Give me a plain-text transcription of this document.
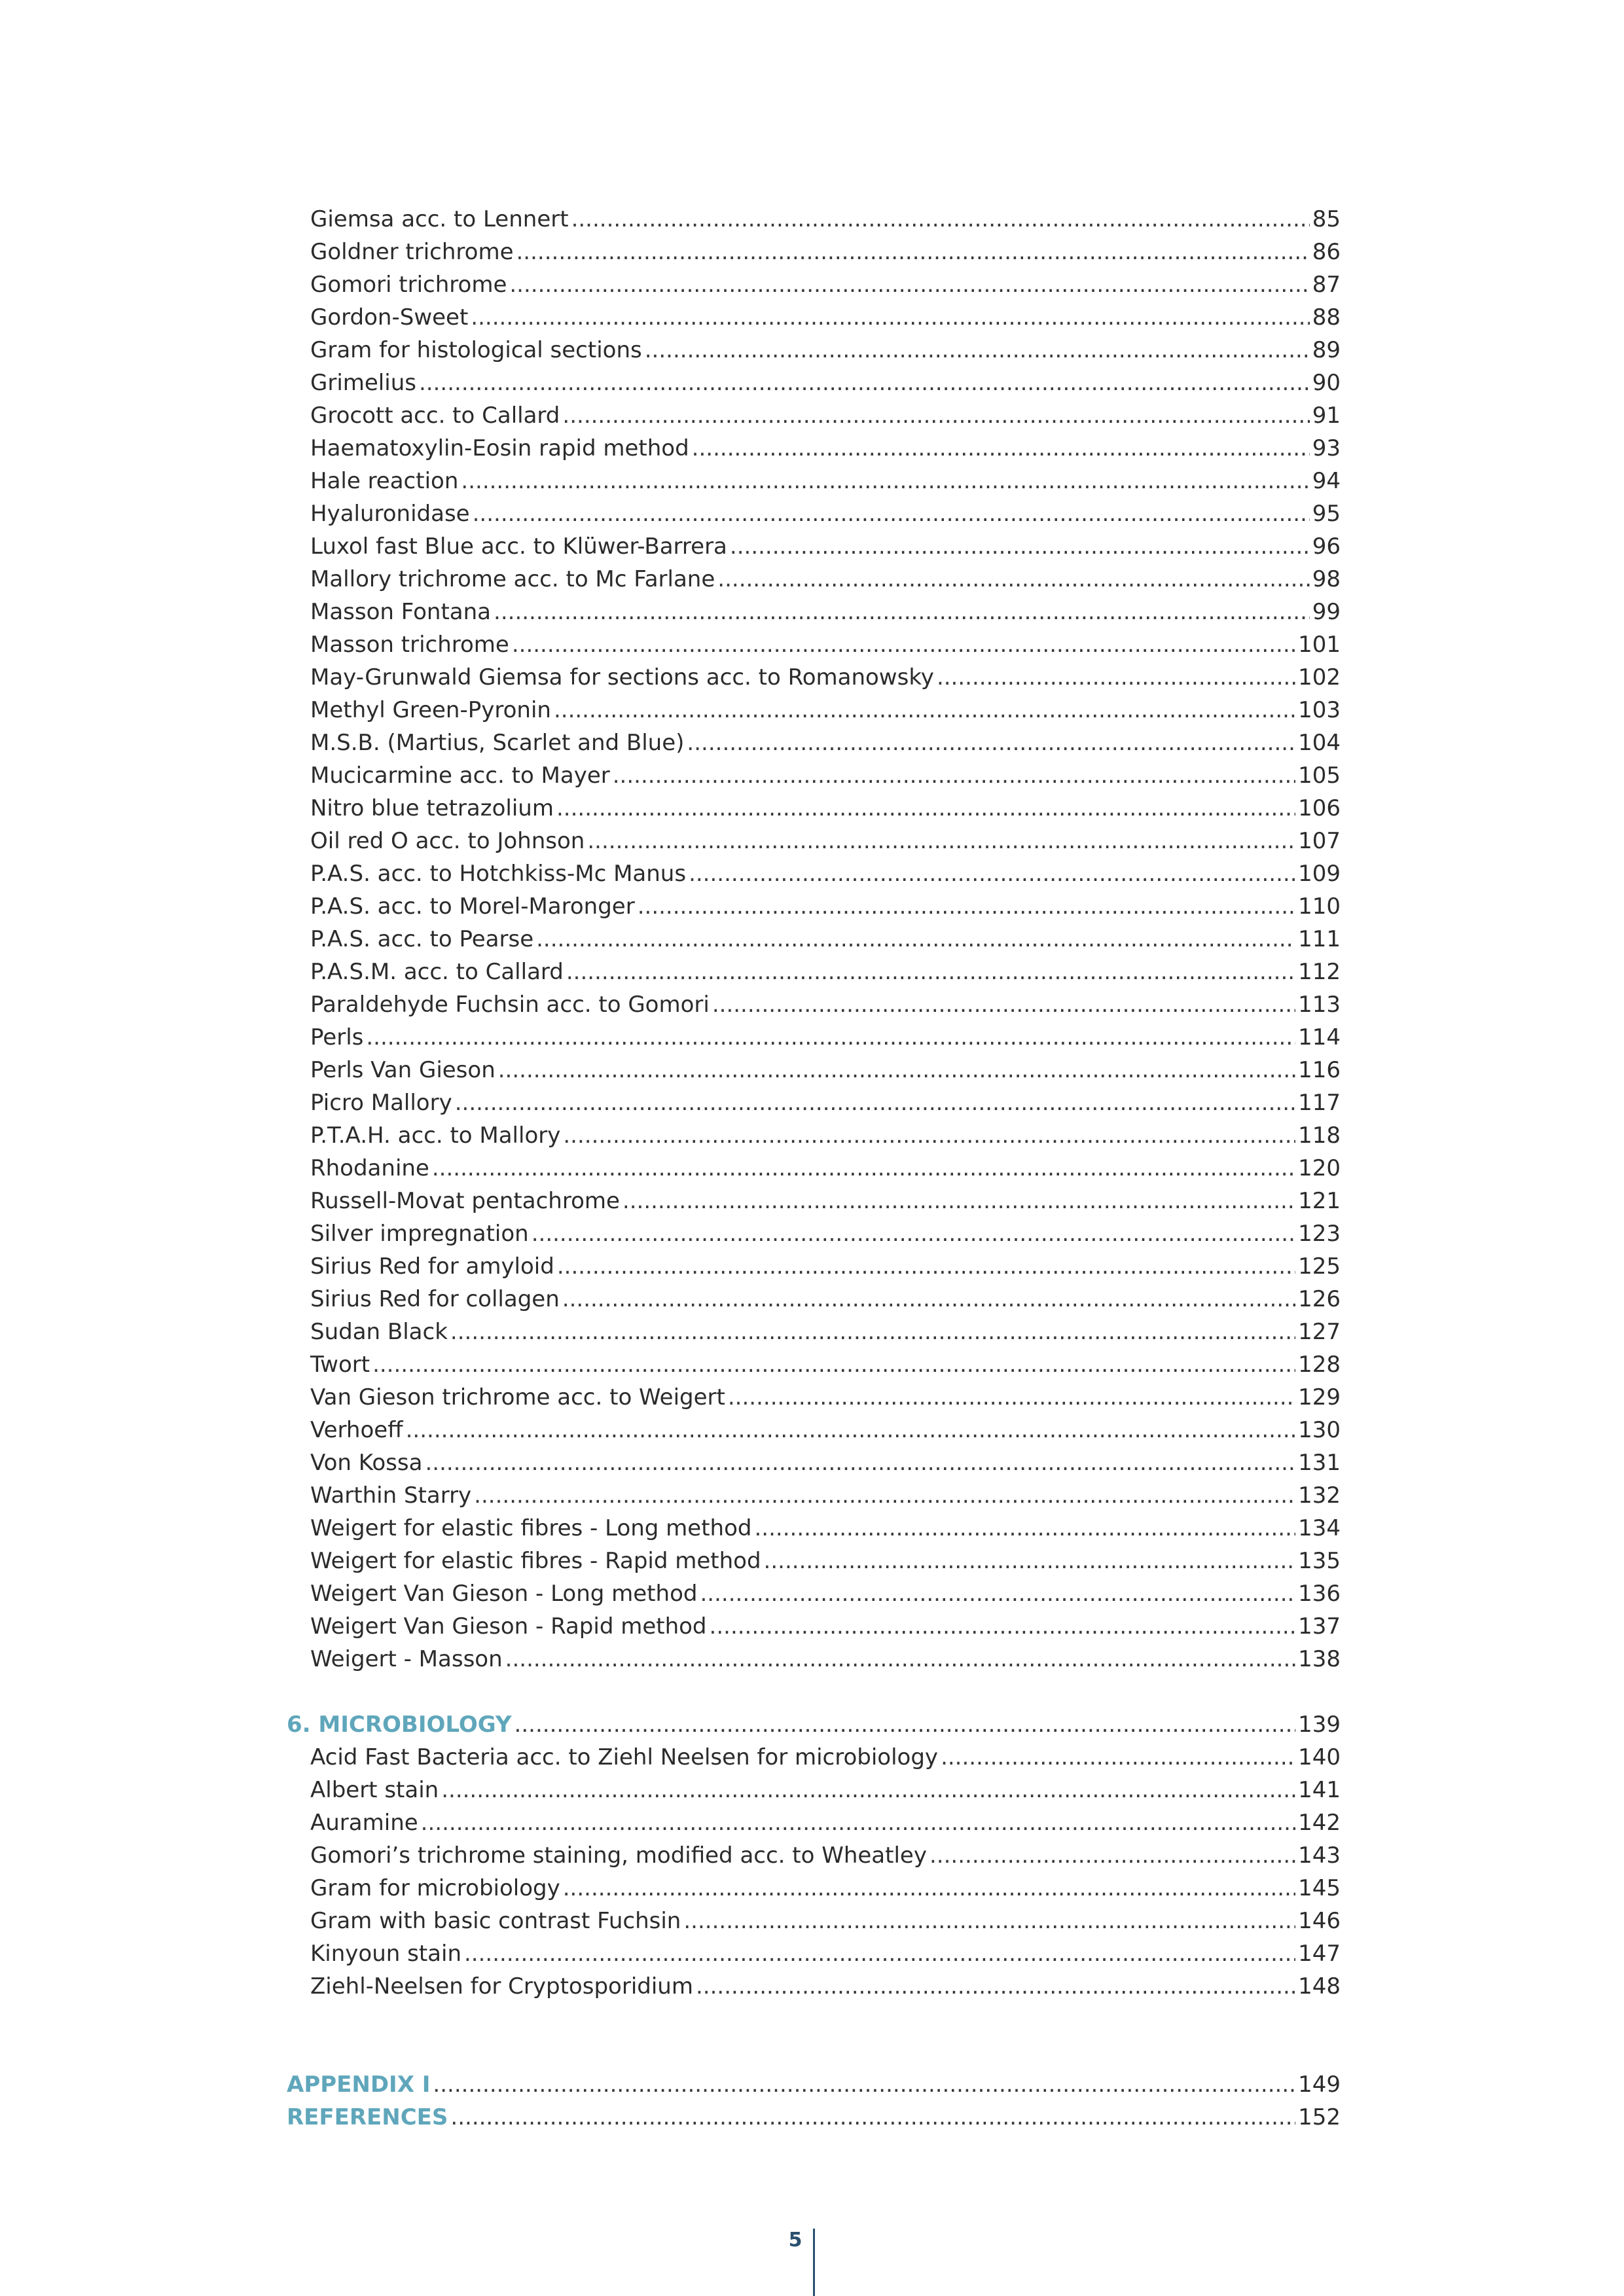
Giemsa acc. to Lennert .....	85
Goldner trichrome .....	86
Gomori trichrome .....	87
Gordon-Sweet .....	88
Gram for histological sections .....	89
Grimelius .....	90
Grocott acc. to Callard .....	91
Haematoxylin-Eosin rapid method .....	93
Hale reaction .....	94
Hyaluronidase .....	95
Luxol fast Blue acc. to Klüwer-Barrera .....	96
Mallory trichrome acc. to Mc Farlane .....	98
Masson Fontana .....	99
Masson trichrome .....	101
May-Grunwald Giemsa for sections acc. to Romanowsky .....	102
Methyl Green-Pyronin .....	103
M.S.B. (Martius, Scarlet and Blue) .....	104
Mucicarmine acc. to Mayer .....	105
Nitro blue tetrazolium .....	106
Oil red O acc. to Johnson .....	107
P.A.S. acc. to Hotchkiss-Mc Manus .....	109
P.A.S. acc. to Morel-Maronger .....	110
P.A.S. acc. to Pearse .....	111
P.A.S.M. acc. to Callard .....	112
Paraldehyde Fuchsin acc. to Gomori .....	113
Perls .....	114
Perls Van Gieson .....	116
Picro Mallory .....	117
P.T.A.H. acc. to Mallory .....	118
Rhodanine .....	120
Russell-Movat pentachrome .....	121
Silver impregnation .....	123
Sirius Red for amyloid .....	125
Sirius Red for collagen .....	126
Sudan Black .....	127
Twort .....	128
Van Gieson trichrome acc. to Weigert .....	129
Verhoeff .....	130
Von Kossa .....	131
Warthin Starry .....	132
Weigert for elastic fibres - Long method .....	134
Weigert for elastic fibres - Rapid method .....	135
Weigert Van Gieson - Long method .....	136
Weigert Van Gieson - Rapid method .....	137
Weigert - Masson .....	138
6. MICROBIOLOGY .....	139
Acid Fast Bacteria acc. to Ziehl Neelsen for microbiology .....	140
Albert stain .....	141
Auramine .....	142
Gomori’s trichrome staining, modified acc. to Wheatley .....	143
Gram for microbiology .....	145
Gram with basic contrast Fuchsin .....	146
Kinyoun stain .....	147
Ziehl-Neelsen for Cryptosporidium .....	148
APPENDIX I .....	149
REFERENCES .....	152
5
